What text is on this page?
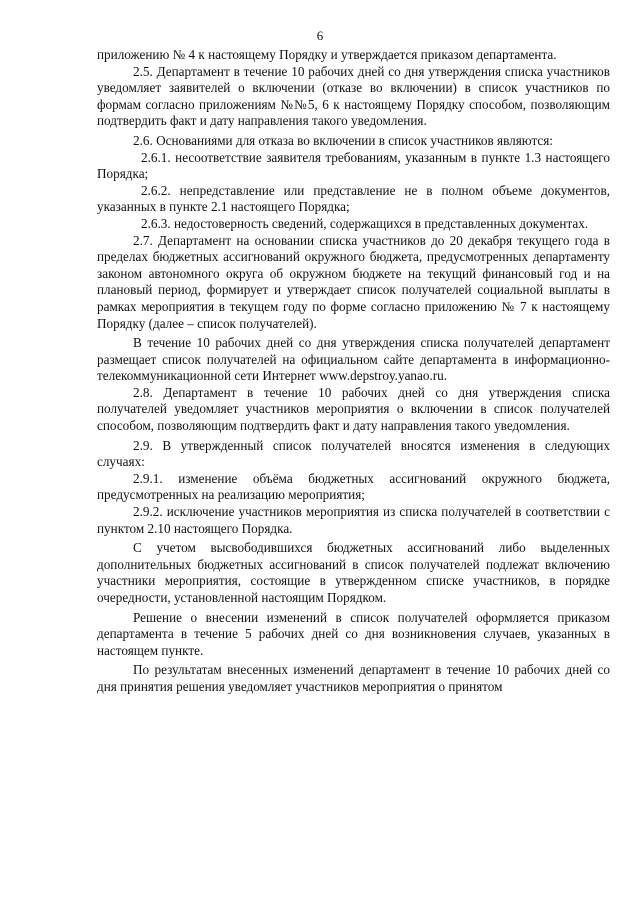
6

приложению № 4 к настоящему Порядку и утверждается приказом департамента.

2.5. Департамент в течение 10 рабочих дней со дня утверждения списка участников уведомляет заявителей о включении (отказе во включении) в список участников по формам согласно приложениям №№5, 6 к настоящему Порядку способом, позволяющим подтвердить факт и дату направления такого уведомления.

2.6. Основаниями для отказа во включении в список участников являются:

2.6.1. несоответствие заявителя требованиям, указанным в пункте 1.3 настоящего Порядка;

2.6.2. непредставление или представление не в полном объеме документов, указанных в пункте 2.1 настоящего Порядка;

2.6.3. недостоверность сведений, содержащихся в представленных документах.

2.7. Департамент на основании списка участников до 20 декабря текущего года в пределах бюджетных ассигнований окружного бюджета, предусмотренных департаменту законом автономного округа об окружном бюджете на текущий финансовый год и на плановый период, формирует и утверждает список получателей социальной выплаты в рамках мероприятия в текущем году по форме согласно приложению № 7 к настоящему Порядку (далее – список получателей).

В течение 10 рабочих дней со дня утверждения списка получателей департамент размещает список получателей на официальном сайте департамента в информационно-телекоммуникационной сети Интернет www.depstroy.yanao.ru.

2.8. Департамент в течение 10 рабочих дней со дня утверждения списка получателей уведомляет участников мероприятия о включении в список получателей способом, позволяющим подтвердить факт и дату направления такого уведомления.

2.9. В утвержденный список получателей вносятся изменения в следующих случаях:

2.9.1. изменение объёма бюджетных ассигнований окружного бюджета, предусмотренных на реализацию мероприятия;

2.9.2. исключение участников мероприятия из списка получателей в соответствии с пунктом 2.10 настоящего Порядка.

С учетом высвободившихся бюджетных ассигнований либо выделенных дополнительных бюджетных ассигнований в список получателей подлежат включению участники мероприятия, состоящие в утвержденном списке участников, в порядке очередности, установленной настоящим Порядком.

Решение о внесении изменений в список получателей оформляется приказом департамента в течение 5 рабочих дней со дня возникновения случаев, указанных в настоящем пункте.

По результатам внесенных изменений департамент в течение 10 рабочих дней со дня принятия решения уведомляет участников мероприятия о принятом
